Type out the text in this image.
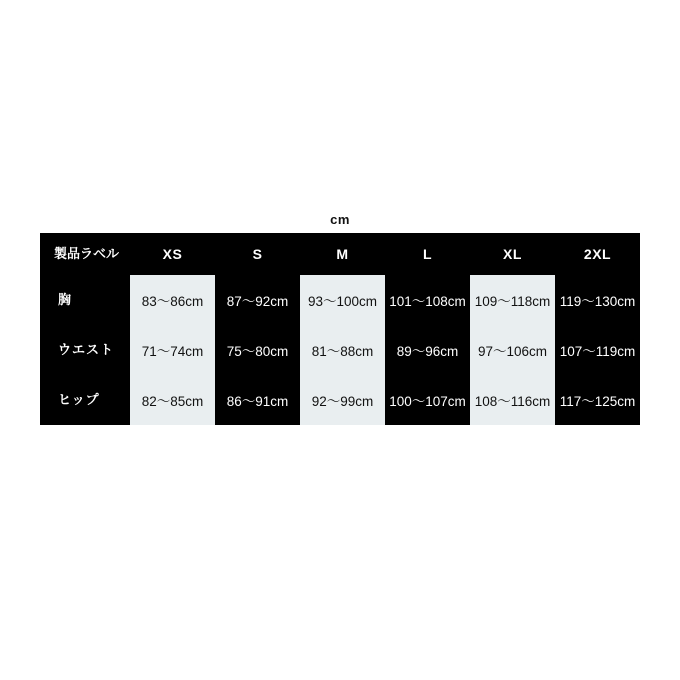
cm
製品ラベル	XS	S	M	L	XL	2XL
胸	83〜86cm	87〜92cm	93〜100cm	101〜108cm	109〜118cm	119〜130cm
ウエスト	71〜74cm	75〜80cm	81〜88cm	89〜96cm	97〜106cm	107〜119cm
ヒップ	82〜85cm	86〜91cm	92〜99cm	100〜107cm	108〜116cm	117〜125cm
